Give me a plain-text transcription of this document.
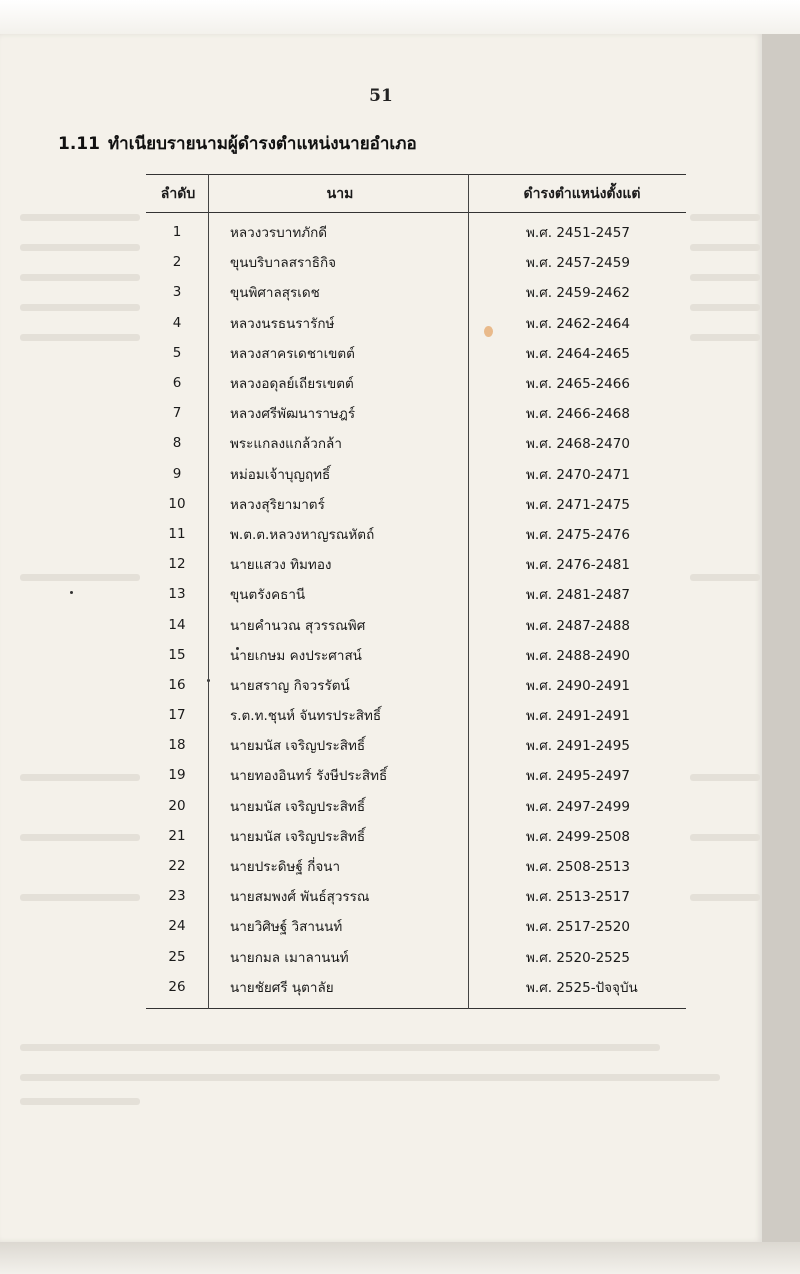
51
1.11 ทำเนียบรายนามผู้ดำรงตำแหน่งนายอำเภอ
ลำดับ	นาม	ดำรงตำแหน่งตั้งแต่
1	หลวงวรบาทภักดี	พ.ศ. 2451-2457
2	ขุนบริบาลสราธิกิจ	พ.ศ. 2457-2459
3	ขุนพิศาลสุรเดช	พ.ศ. 2459-2462
4	หลวงนรธนรารักษ์	พ.ศ. 2462-2464
5	หลวงสาครเดชาเขตต์	พ.ศ. 2464-2465
6	หลวงอดุลย์เถียรเขตต์	พ.ศ. 2465-2466
7	หลวงศรีพัฒนาราษฎร์	พ.ศ. 2466-2468
8	พระแกลงแกล้วกล้า	พ.ศ. 2468-2470
9	หม่อมเจ้าบุญฤทธิ์	พ.ศ. 2470-2471
10	หลวงสุริยามาตร์	พ.ศ. 2471-2475
11	พ.ต.ต.หลวงหาญรณหัตถ์	พ.ศ. 2475-2476
12	นายแสวง ทิมทอง	พ.ศ. 2476-2481
13	ขุนตรังคธานี	พ.ศ. 2481-2487
14	นายคำนวณ สุวรรณพิศ	พ.ศ. 2487-2488
15	นายเกษม คงประศาสน์	พ.ศ. 2488-2490
16	นายสราญ กิจวรรัตน์	พ.ศ. 2490-2491
17	ร.ต.ท.ชุนห์ จันทรประสิทธิ์	พ.ศ. 2491-2491
18	นายมนัส เจริญประสิทธิ์	พ.ศ. 2491-2495
19	นายทองอินทร์ รังษีประสิทธิ์	พ.ศ. 2495-2497
20	นายมนัส เจริญประสิทธิ์	พ.ศ. 2497-2499
21	นายมนัส เจริญประสิทธิ์	พ.ศ. 2499-2508
22	นายประดิษฐ์ กี่จนา	พ.ศ. 2508-2513
23	นายสมพงศ์ พันธ์สุวรรณ	พ.ศ. 2513-2517
24	นายวิศิษฐ์ วิสานนท์	พ.ศ. 2517-2520
25	นายกมล เมาลานนท์	พ.ศ. 2520-2525
26	นายชัยศรี นุตาลัย	พ.ศ. 2525-ปัจจุบัน
